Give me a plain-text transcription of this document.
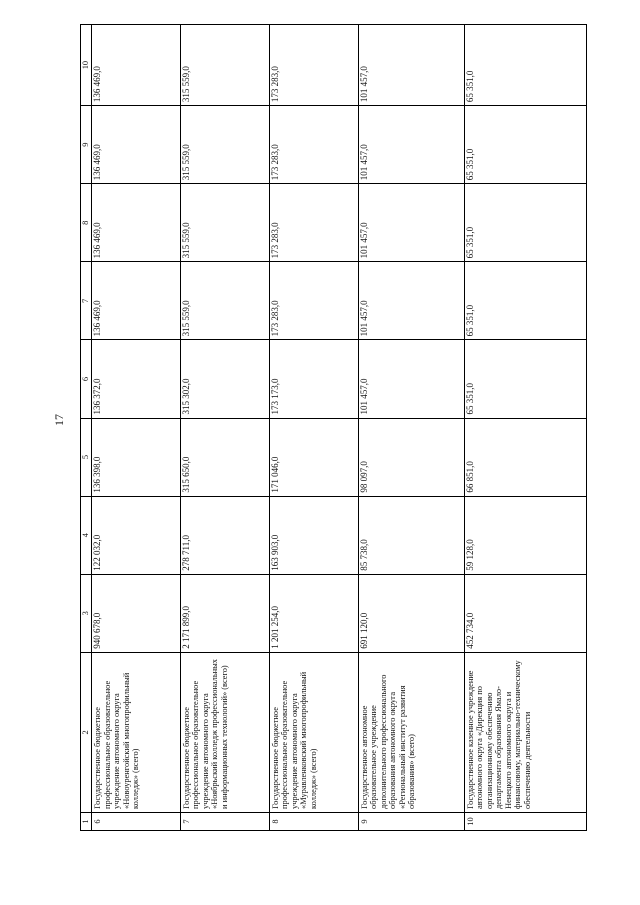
17
1	2	3	4	5	6	7	8	9	10
6	Государственное бюджетное профессиональное образовательное учреждение автономного округа «Новоуренгойский многопрофильный колледж» (всего)	940 678,0	122 032,0	136 398,0	136 372,0	136 469,0	136 469,0	136 469,0	136 469,0
7	Государственное бюджетное профессиональное образовательное учреждение автономного округа «Ноябрьский колледж профессиональных и информационных технологий» (всего)	2 171 899,0	278 711,0	315 650,0	315 302,0	315 559,0	315 559,0	315 559,0	315 559,0
8	Государственное бюджетное профессиональное образовательное учреждение автономного округа «Муравленковский многопрофильный колледж» (всего)	1 201 254,0	163 903,0	171 046,0	173 173,0	173 283,0	173 283,0	173 283,0	173 283,0
9	Государственное автономное образовательное учреждение дополнительного профессионального образования автономного округа «Региональный институт развития образования» (всего)	691 120,0	85 738,0	98 097,0	101 457,0	101 457,0	101 457,0	101 457,0	101 457,0
10	Государственное казенное учреждение автономного округа «Дирекция по организационному обеспечению департамента образования Ямало-Ненецкого автономного округа и финансовому, материально-техническому обеспечению деятельности	452 734,0	59 128,0	66 851,0	65 351,0	65 351,0	65 351,0	65 351,0	65 351,0
